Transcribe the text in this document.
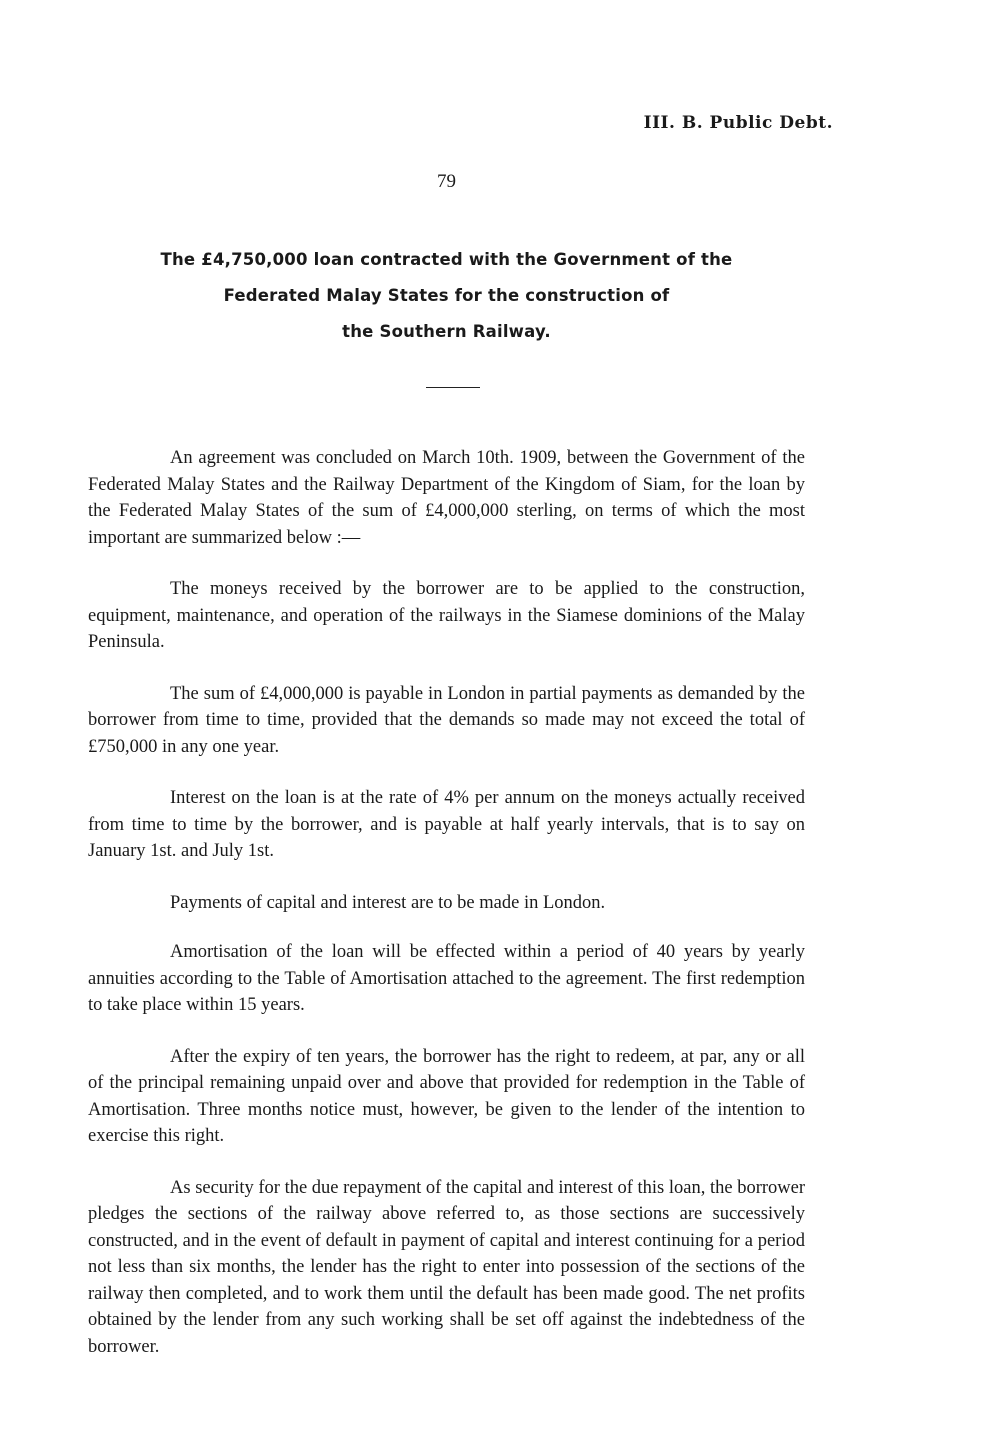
III. B. Public Debt.
79
The £4,750,000 loan contracted with the Government of the
Federated Malay States for the construction of
the Southern Railway.

An agreement was concluded on March 10th. 1909, between the Government of the Federated Malay States and the Railway Department of the Kingdom of Siam, for the loan by the Federated Malay States of the sum of £4,000,000 sterling, on terms of which the most important are summarized below :—

The moneys received by the borrower are to be applied to the construction, equipment, maintenance, and operation of the railways in the Siamese dominions of the Malay Peninsula.

The sum of £4,000,000 is payable in London in partial payments as demanded by the borrower from time to time, provided that the demands so made may not exceed the total of £750,000 in any one year.

Interest on the loan is at the rate of 4% per annum on the moneys actually received from time to time by the borrower, and is payable at half yearly intervals, that is to say on January 1st. and July 1st.

Payments of capital and interest are to be made in London.

Amortisation of the loan will be effected within a period of 40 years by yearly annuities according to the Table of Amortisation attached to the agreement. The first redemption to take place within 15 years.

After the expiry of ten years, the borrower has the right to redeem, at par, any or all of the principal remaining unpaid over and above that provided for redemption in the Table of Amortisation. Three months notice must, however, be given to the lender of the intention to exercise this right.

As security for the due repayment of the capital and interest of this loan, the borrower pledges the sections of the railway above referred to, as those sections are successively constructed, and in the event of default in payment of capital and interest continuing for a period not less than six months, the lender has the right to enter into possession of the sections of the railway then completed, and to work them until the default has been made good. The net profits obtained by the lender from any such working shall be set off against the indebtedness of the borrower.
